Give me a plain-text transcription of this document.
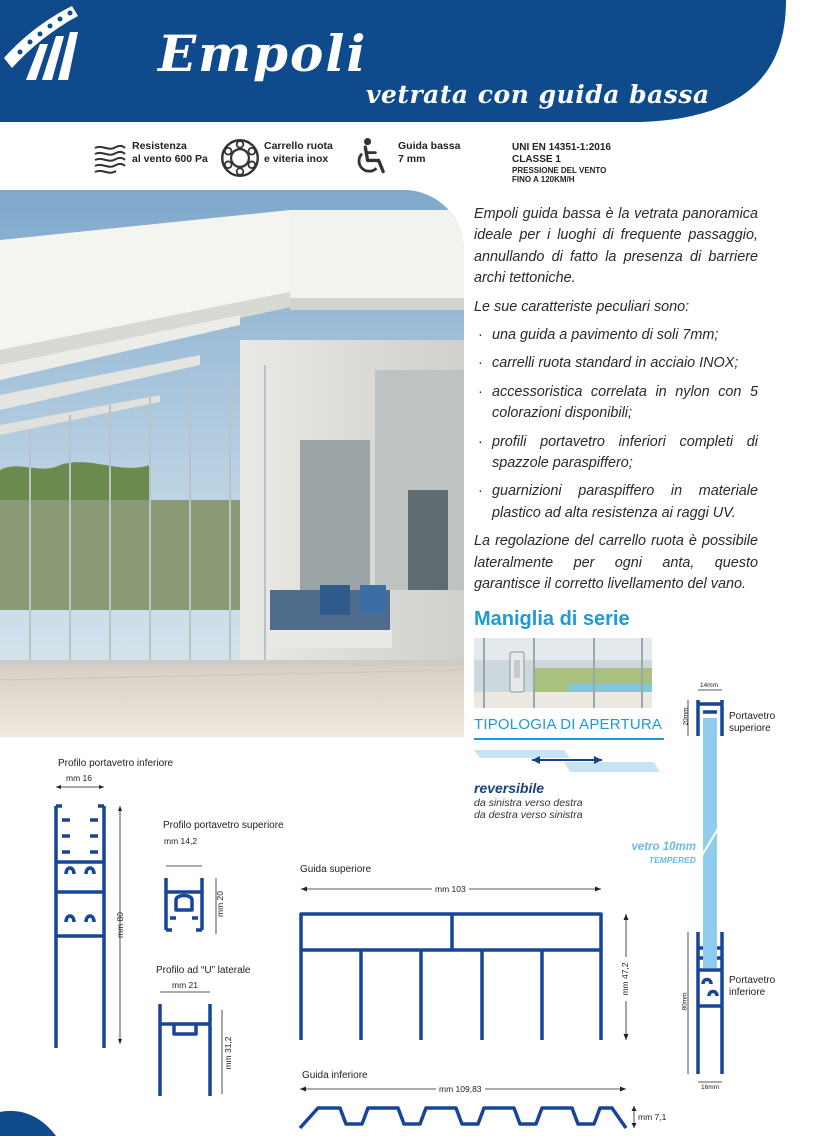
Empoli
vetrata con guida bassa
Resistenza
al vento 600 Pa
Carrello ruota
e viteria inox
Guida bassa
7 mm
UNI EN 14351-1:2016
CLASSE 1
PRESSIONE DEL VENTO
FINO A 120KM/H

Empoli guida bassa è la vetrata panoramica ideale per i luoghi di frequente passaggio, annullando di fatto la presenza di barriere archi tettoniche.

Le sue caratteriste peculiari sono:

· una guida a pavimento di soli 7mm;
· carrelli ruota standard in acciaio INOX;
· accessoristica correlata in nylon con 5 colorazioni disponibili;
· profili portavetro inferiori completi di spazzole paraspiffero;
· guarnizioni paraspiffero in materiale plastico ad alta resistenza ai raggi UV.

La regolazione del carrello ruota è possibile lateralmente per ogni anta, questo garantisce il corretto livellamento del vano.

Maniglia di serie
TIPOLOGIA DI APERTURA
reversibile
da sinistra verso destra
da destra verso sinistra
Profilo portavetro inferiore
mm 16
mm 80
Profilo portavetro superiore
mm 14,2
mm 20
Profilo ad “U” laterale
mm 21
mm 31,2
Guida superiore
mm 103
mm 47,2
Guida inferiore
mm 109,83
mm 7,1
14mm
20mm	Portavetro
superiore
vetro 10mm
TEMPERED
80mm
16mm
Portavetro
inferiore
